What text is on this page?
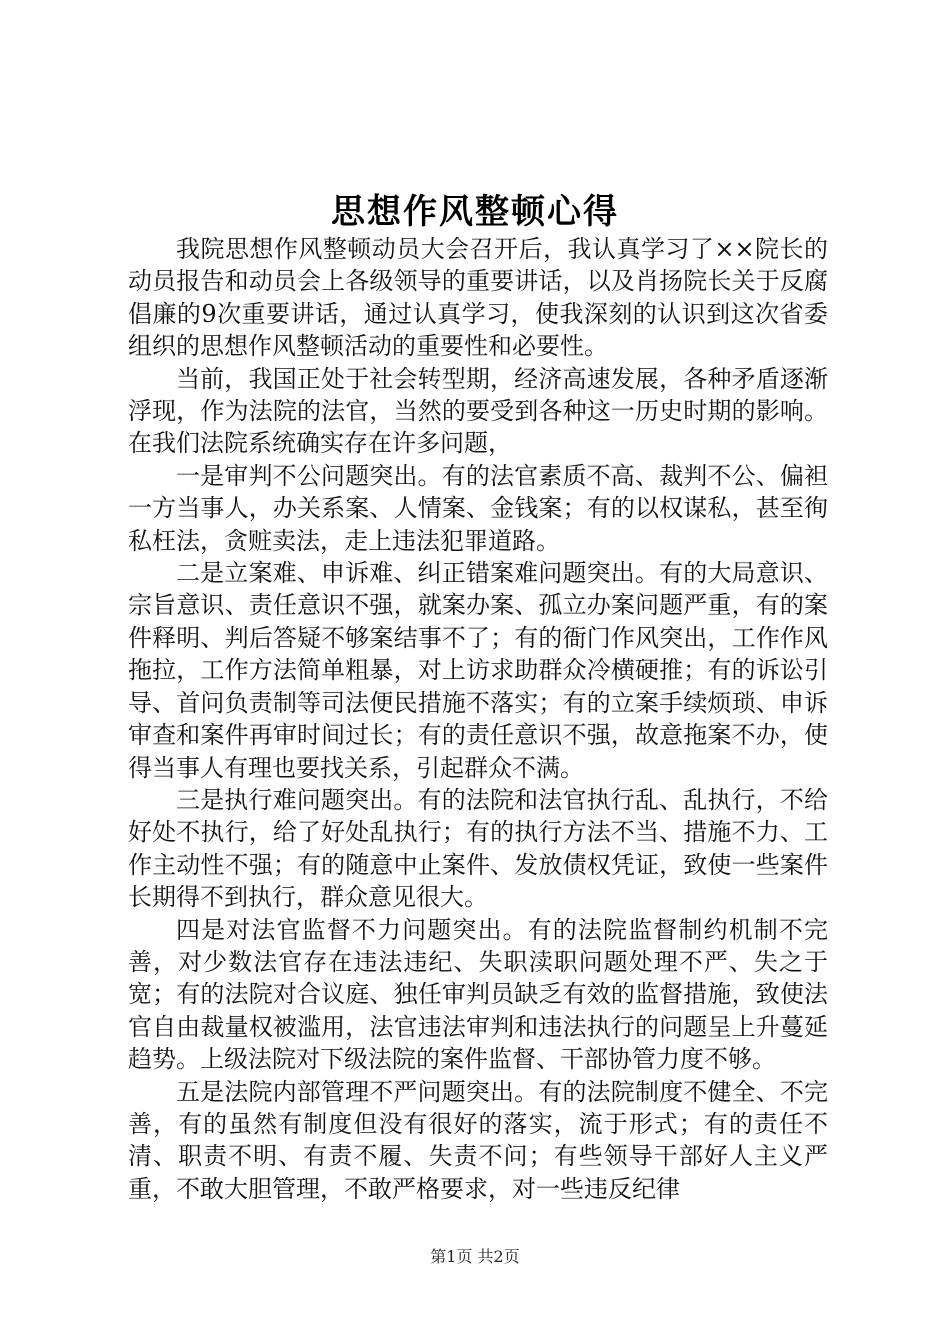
思想作风整顿心得

我院思想作风整顿动员大会召开后，我认真学习了××院长的动员报告和动员会上各级领导的重要讲话，以及肖扬院长关于反腐倡廉的9次重要讲话，通过认真学习，使我深刻的认识到这次省委组织的思想作风整顿活动的重要性和必要性。

当前，我国正处于社会转型期，经济高速发展，各种矛盾逐渐浮现，作为法院的法官，当然的要受到各种这一历史时期的影响。在我们法院系统确实存在许多问题，

一是审判不公问题突出。有的法官素质不高、裁判不公、偏袒一方当事人，办关系案、人情案、金钱案；有的以权谋私，甚至徇私枉法，贪赃卖法，走上违法犯罪道路。

二是立案难、申诉难、纠正错案难问题突出。有的大局意识、宗旨意识、责任意识不强，就案办案、孤立办案问题严重，有的案件释明、判后答疑不够案结事不了；有的衙门作风突出，工作作风拖拉，工作方法简单粗暴，对上访求助群众冷横硬推；有的诉讼引导、首问负责制等司法便民措施不落实；有的立案手续烦琐、申诉审查和案件再审时间过长；有的责任意识不强，故意拖案不办，使得当事人有理也要找关系，引起群众不满。

三是执行难问题突出。有的法院和法官执行乱、乱执行，不给好处不执行，给了好处乱执行；有的执行方法不当、措施不力、工作主动性不强；有的随意中止案件、发放债权凭证，致使一些案件长期得不到执行，群众意见很大。

四是对法官监督不力问题突出。有的法院监督制约机制不完善，对少数法官存在违法违纪、失职渎职问题处理不严、失之于宽；有的法院对合议庭、独任审判员缺乏有效的监督措施，致使法官自由裁量权被滥用，法官违法审判和违法执行的问题呈上升蔓延趋势。上级法院对下级法院的案件监督、干部协管力度不够。

五是法院内部管理不严问题突出。有的法院制度不健全、不完善，有的虽然有制度但没有很好的落实，流于形式；有的责任不清、职责不明、有责不履、失责不问；有些领导干部好人主义严重，不敢大胆管理，不敢严格要求，对一些违反纪律

第1页 共2页
